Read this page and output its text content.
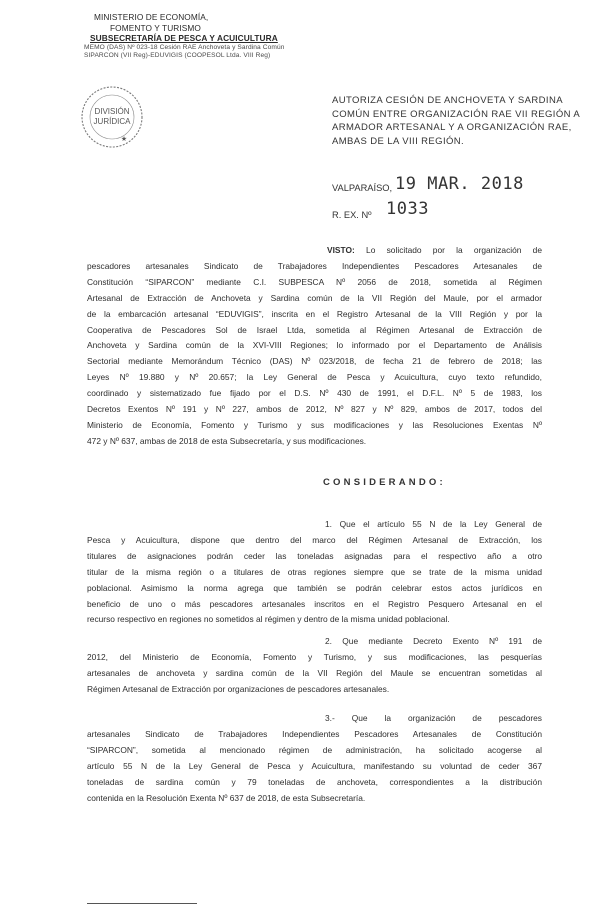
MINISTERIO DE ECONOMÍA,
FOMENTO Y TURISMO
SUBSECRETARÍA DE PESCA Y ACUICULTURA
MEMO (DAS) Nº 023-18 Cesión RAE Anchoveta y Sardina Común
SIPARCON (VII Reg)-EDUVIGIS (COOPESOL Ltda. VIII Reg)
DIVISIÓN
JURÍDICA
★
AUTORIZA CESIÓN DE ANCHOVETA Y SARDINA
COMÚN ENTRE ORGANIZACIÓN RAE VII REGIÓN A
ARMADOR ARTESANAL Y A ORGANIZACIÓN RAE,
AMBAS DE LA VIII REGIÓN.
VALPARAÍSO, 19 MAR. 2018
R. EX. Nº 1033
VISTO: Lo solicitado por la organización de
pescadores artesanales Sindicato de Trabajadores Independientes Pescadores Artesanales de
Constitución “SIPARCON” mediante C.I. SUBPESCA Nº 2056 de 2018, sometida al Régimen
Artesanal de Extracción de Anchoveta y Sardina común de la VII Región del Maule, por el armador
de la embarcación artesanal “EDUVIGIS”, inscrita en el Registro Artesanal de la VIII Región y por la
Cooperativa de Pescadores Sol de Israel Ltda, sometida al Régimen Artesanal de Extracción de
Anchoveta y Sardina común de la XVI-VIII Regiones; lo informado por el Departamento de Análisis
Sectorial mediante Memorándum Técnico (DAS) Nº 023/2018, de fecha 21 de febrero de 2018; las
Leyes Nº 19.880 y Nº 20.657; la Ley General de Pesca y Acuicultura, cuyo texto refundido,
coordinado y sistematizado fue fijado por el D.S. Nº 430 de 1991, el D.F.L. Nº 5 de 1983, los
Decretos Exentos Nº 191 y Nº 227, ambos de 2012, Nº 827 y Nº 829, ambos de 2017, todos del
Ministerio de Economía, Fomento y Turismo y sus modificaciones y las Resoluciones Exentas Nº
472 y Nº 637, ambas de 2018 de esta Subsecretaría, y sus modificaciones.
CONSIDERANDO:
1. Que el artículo 55 N de la Ley General de
Pesca y Acuicultura, dispone que dentro del marco del Régimen Artesanal de Extracción, los
titulares de asignaciones podrán ceder las toneladas asignadas para el respectivo año a otro
titular de la misma región o a titulares de otras regiones siempre que se trate de la misma unidad
poblacional. Asimismo la norma agrega que también se podrán celebrar estos actos jurídicos en
beneficio de uno o más pescadores artesanales inscritos en el Registro Pesquero Artesanal en el
recurso respectivo en regiones no sometidos al régimen y dentro de la misma unidad poblacional.
2. Que mediante Decreto Exento Nº 191 de
2012, del Ministerio de Economía, Fomento y Turismo, y sus modificaciones, las pesquerías
artesanales de anchoveta y sardina común de la VII Región del Maule se encuentran sometidas al
Régimen Artesanal de Extracción por organizaciones de pescadores artesanales.
3.- Que la organización de pescadores
artesanales Sindicato de Trabajadores Independientes Pescadores Artesanales de Constitución
“SIPARCON”, sometida al mencionado régimen de administración, ha solicitado acogerse al
artículo 55 N de la Ley General de Pesca y Acuicultura, manifestando su voluntad de ceder 367
toneladas de sardina común y 79 toneladas de anchoveta, correspondientes a la distribución
contenida en la Resolución Exenta Nº 637 de 2018, de esta Subsecretaría.
